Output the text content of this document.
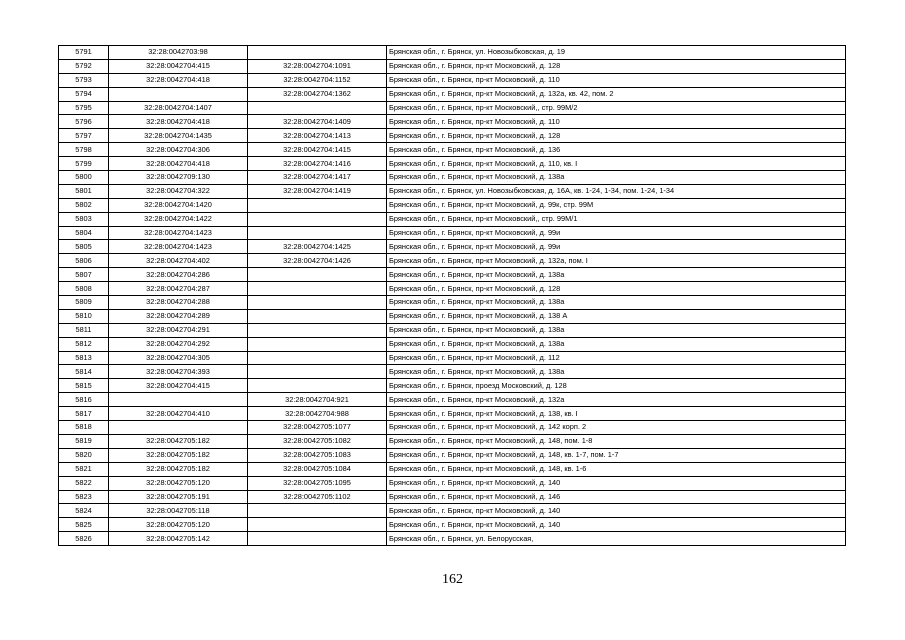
5791	32:28:0042703:98		Брянская обл., г. Брянск, ул. Новозыбковская, д. 19
5792	32:28:0042704:415	32:28:0042704:1091	Брянская обл., г. Брянск, пр-кт Московский, д. 128
5793	32:28:0042704:418	32:28:0042704:1152	Брянская обл., г. Брянск, пр-кт Московский, д. 110
5794		32:28:0042704:1362	Брянская обл., г. Брянск, пр-кт Московский, д. 132а, кв. 42, пом. 2
5795	32:28:0042704:1407		Брянская обл., г. Брянск, пр-кт Московский,, стр. 99М/2
5796	32:28:0042704:418	32:28:0042704:1409	Брянская обл., г. Брянск, пр-кт Московский, д. 110
5797	32:28:0042704:1435	32:28:0042704:1413	Брянская обл., г. Брянск, пр-кт Московский, д. 128
5798	32:28:0042704:306	32:28:0042704:1415	Брянская обл., г. Брянск, пр-кт Московский, д. 136
5799	32:28:0042704:418	32:28:0042704:1416	Брянская обл., г. Брянск, пр-кт Московский, д. 110, кв. I
5800	32:28:0042709:130	32:28:0042704:1417	Брянская обл., г. Брянск, пр-кт Московский, д. 138а
5801	32:28:0042704:322	32:28:0042704:1419	Брянская обл., г. Брянск, ул. Новозыбковская, д. 16А, кв. 1-24, 1-34, пом. 1-24, 1-34
5802	32:28:0042704:1420		Брянская обл., г. Брянск, пр-кт Московский, д. 99к, стр. 99М
5803	32:28:0042704:1422		Брянская обл., г. Брянск, пр-кт Московский,, стр. 99М/1
5804	32:28:0042704:1423		Брянская обл., г. Брянск, пр-кт Московский, д. 99и
5805	32:28:0042704:1423	32:28:0042704:1425	Брянская обл., г. Брянск, пр-кт Московский, д. 99и
5806	32:28:0042704:402	32:28:0042704:1426	Брянская обл., г. Брянск, пр-кт Московский, д. 132а, пом. I
5807	32:28:0042704:286		Брянская обл., г. Брянск, пр-кт Московский, д. 138а
5808	32:28:0042704:287		Брянская обл., г. Брянск, пр-кт Московский, д. 128
5809	32:28:0042704:288		Брянская обл., г. Брянск, пр-кт Московский, д. 138а
5810	32:28:0042704:289		Брянская обл., г. Брянск, пр-кт Московский, д. 138 А
5811	32:28:0042704:291		Брянская обл., г. Брянск, пр-кт Московский, д. 138а
5812	32:28:0042704:292		Брянская обл., г. Брянск, пр-кт Московский, д. 138а
5813	32:28:0042704:305		Брянская обл., г. Брянск, пр-кт Московский, д. 112
5814	32:28:0042704:393		Брянская обл., г. Брянск, пр-кт Московский, д. 138а
5815	32:28:0042704:415		Брянская обл., г. Брянск, проезд Московский, д. 128
5816		32:28:0042704:921	Брянская обл., г. Брянск, пр-кт Московский, д. 132а
5817	32:28:0042704:410	32:28:0042704:988	Брянская обл., г. Брянск, пр-кт Московский, д. 138, кв. I
5818		32:28:0042705:1077	Брянская обл., г. Брянск, пр-кт Московский, д. 142 корп. 2
5819	32:28:0042705:182	32:28:0042705:1082	Брянская обл., г. Брянск, пр-кт Московский, д. 148, пом. 1-8
5820	32:28:0042705:182	32:28:0042705:1083	Брянская обл., г. Брянск, пр-кт Московский, д. 148, кв. 1-7, пом. 1-7
5821	32:28:0042705:182	32:28:0042705:1084	Брянская обл., г. Брянск, пр-кт Московский, д. 148, кв. 1-6
5822	32:28:0042705:120	32:28:0042705:1095	Брянская обл., г. Брянск, пр-кт Московский, д. 140
5823	32:28:0042705:191	32:28:0042705:1102	Брянская обл., г. Брянск, пр-кт Московский, д. 146
5824	32:28:0042705:118		Брянская обл., г. Брянск, пр-кт Московский, д. 140
5825	32:28:0042705:120		Брянская обл., г. Брянск, пр-кт Московский, д. 140
5826	32:28:0042705:142		Брянская обл., г. Брянск, ул. Белорусская,
162
